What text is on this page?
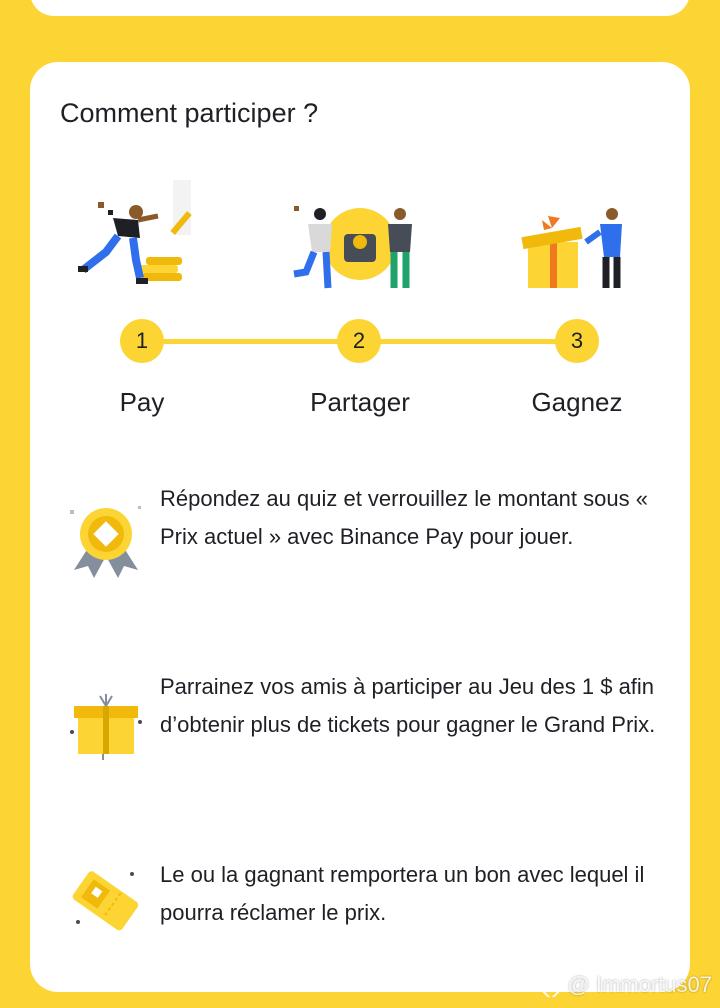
Comment participer ?
1	2	3
Pay	Partager	Gagnez

Répondez au quiz et verrouillez le montant sous « Prix actuel » avec Binance Pay pour jouer.

Parrainez vos amis à participer au Jeu des 1 $ afin d’obtenir plus de tickets pour gagner le Grand Prix.

Le ou la gagnant remportera un bon avec lequel il pourra réclamer le prix.

@ Immortus07
